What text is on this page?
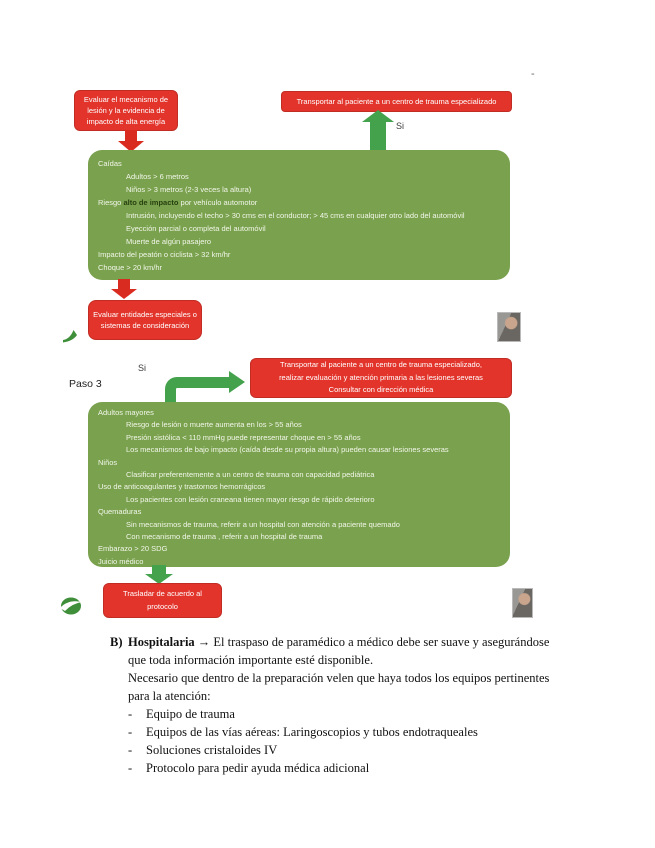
-
Evaluar el mecanismo de lesión y la evidencia de impacto de alta energía
Transportar al paciente a un centro de trauma especializado
Si
Caídas
Adultos > 6 metros
Niños > 3 metros (2-3 veces la altura)
Riesgo alto de impacto por vehículo automotor
Intrusión, incluyendo el techo > 30 cms en el conductor; > 45 cms en cualquier otro lado del automóvil
Eyección parcial o completa del automóvil
Muerte de algún pasajero
Impacto del peatón o ciclista > 32 km/hr
Choque > 20 km/hr
Evaluar entidades especiales o sistemas de consideración
Paso 3
Si	Transportar al paciente a un centro de trauma especializado,
realizar evaluación y atención primaria a las lesiones severas
Consultar con dirección médica
Adultos mayores
Riesgo de lesión o muerte aumenta en los > 55 años
Presión sistólica < 110 mmHg puede representar choque en > 55 años
Los mecanismos de bajo impacto (caída desde su propia altura) pueden causar lesiones severas
Niños
Clasificar preferentemente a un centro de trauma con capacidad pediátrica
Uso de anticoagulantes y trastornos hemorrágicos
Los pacientes con lesión craneana tienen mayor riesgo de rápido deterioro
Quemaduras
Sin mecanismos de trauma, referir a un hospital con atención a paciente quemado
Con mecanismo de trauma , referir a un hospital de trauma
Embarazo > 20 SDG
Juicio médico
Trasladar de acuerdo al protocolo
B) Hospitalaria → El traspaso de paramédico a médico debe ser suave y asegurándose
que toda información importante esté disponible.
Necesario que dentro de la preparación velen que haya todos los equipos pertinentes
para la atención:
-	Equipo de trauma
-	Equipos de las vías aéreas: Laringoscopios y tubos endotraqueales
-	Soluciones cristaloides IV
-	Protocolo para pedir ayuda médica adicional
